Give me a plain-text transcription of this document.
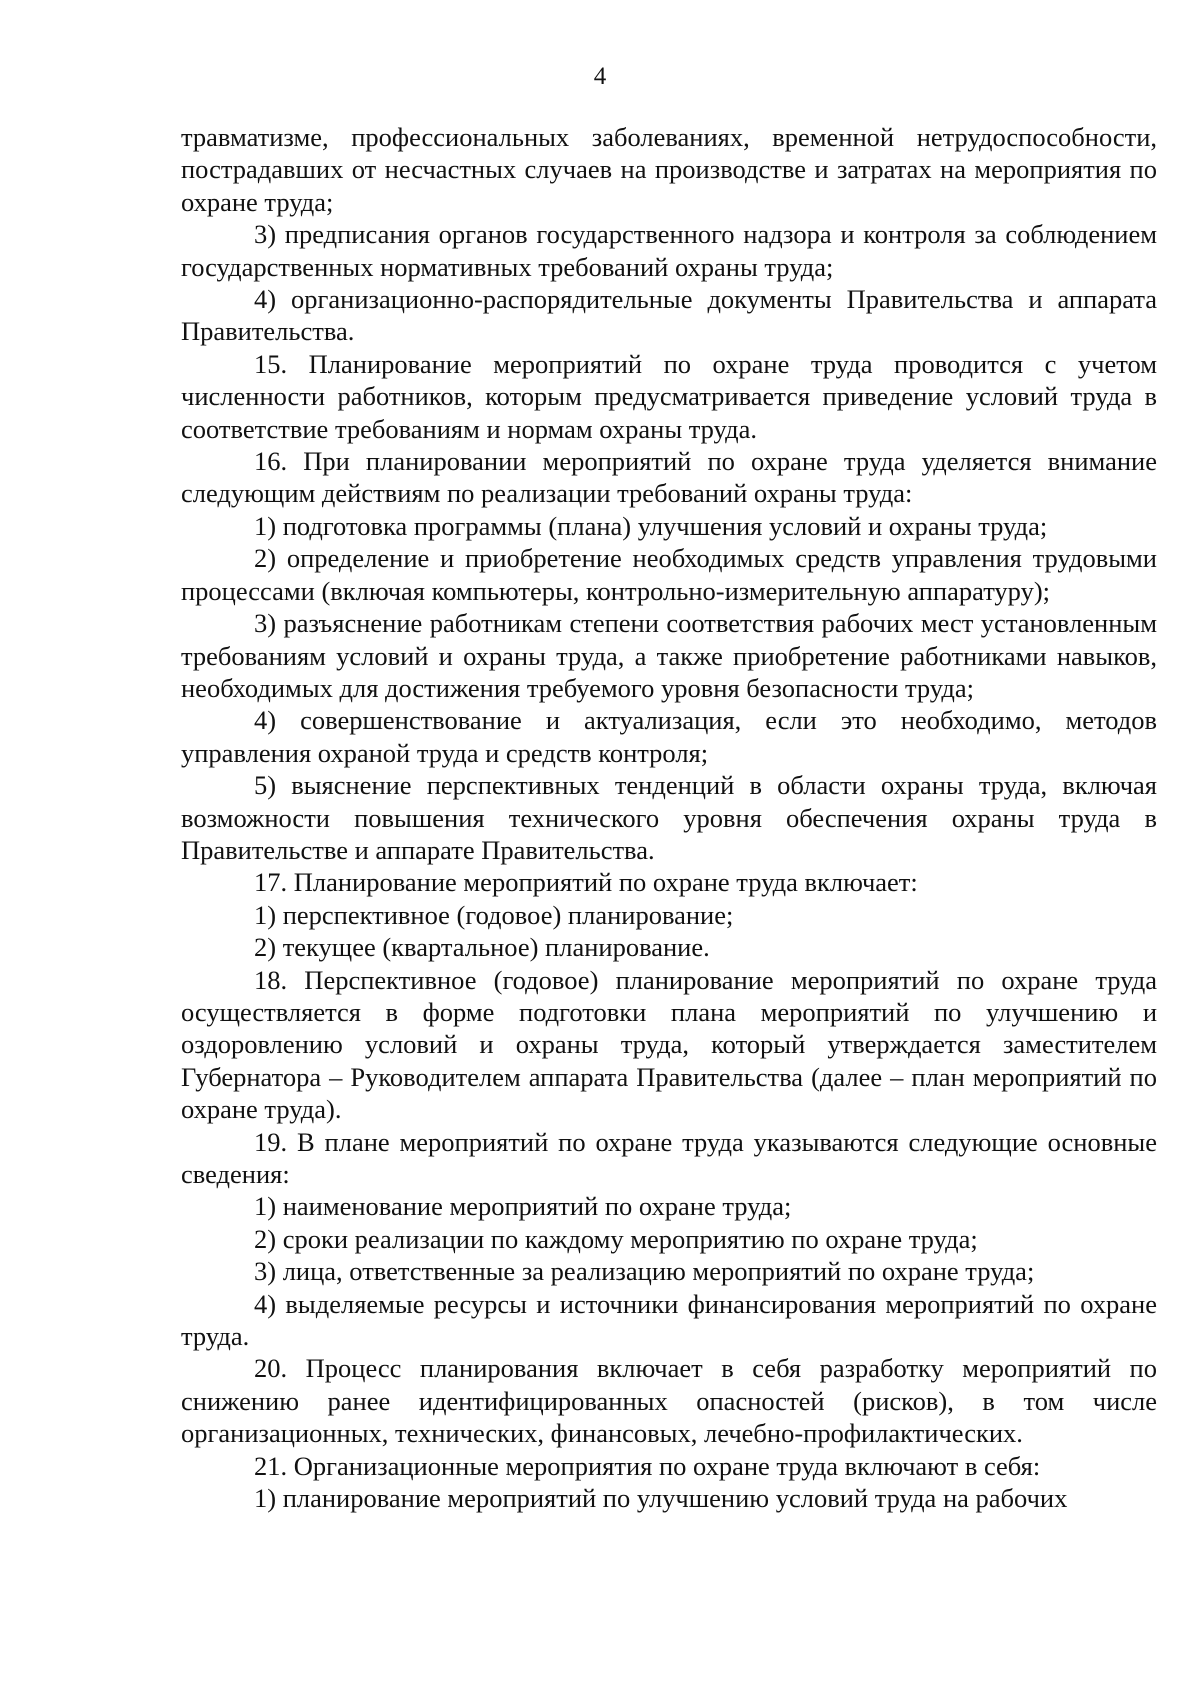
4

травматизме, профессиональных заболеваниях, временной нетрудоспособности, пострадавших от несчастных случаев на производстве и затратах на мероприятия по охране труда;

3) предписания органов государственного надзора и контроля за соблюдением государственных нормативных требований охраны труда;

4) организационно-распорядительные документы Правительства и аппарата Правительства.

15. Планирование мероприятий по охране труда проводится с учетом численности работников, которым предусматривается приведение условий труда в соответствие требованиям и нормам охраны труда.

16. При планировании мероприятий по охране труда уделяется внимание следующим действиям по реализации требований охраны труда:

1) подготовка программы (плана) улучшения условий и охраны труда;

2) определение и приобретение необходимых средств управления трудовыми процессами (включая компьютеры, контрольно-измерительную аппаратуру);

3) разъяснение работникам степени соответствия рабочих мест установленным требованиям условий и охраны труда, а также приобретение работниками навыков, необходимых для достижения требуемого уровня безопасности труда;

4) совершенствование и актуализация, если это необходимо, методов управления охраной труда и средств контроля;

5) выяснение перспективных тенденций в области охраны труда, включая возможности повышения технического уровня обеспечения охраны труда в Правительстве и аппарате Правительства.

17. Планирование мероприятий по охране труда включает:

1) перспективное (годовое) планирование;

2) текущее (квартальное) планирование.

18. Перспективное (годовое) планирование мероприятий по охране труда осуществляется в форме подготовки плана мероприятий по улучшению и оздоровлению условий и охраны труда, который утверждается заместителем Губернатора – Руководителем аппарата Правительства (далее – план мероприятий по охране труда).

19. В плане мероприятий по охране труда указываются следующие основные сведения:

1) наименование мероприятий по охране труда;

2) сроки реализации по каждому мероприятию по охране труда;

3) лица, ответственные за реализацию мероприятий по охране труда;

4) выделяемые ресурсы и источники финансирования мероприятий по охране труда.

20. Процесс планирования включает в себя разработку мероприятий по снижению ранее идентифицированных опасностей (рисков), в том числе организационных, технических, финансовых, лечебно-профилактических.

21. Организационные мероприятия по охране труда включают в себя:

1) планирование мероприятий по улучшению условий труда на рабочих
